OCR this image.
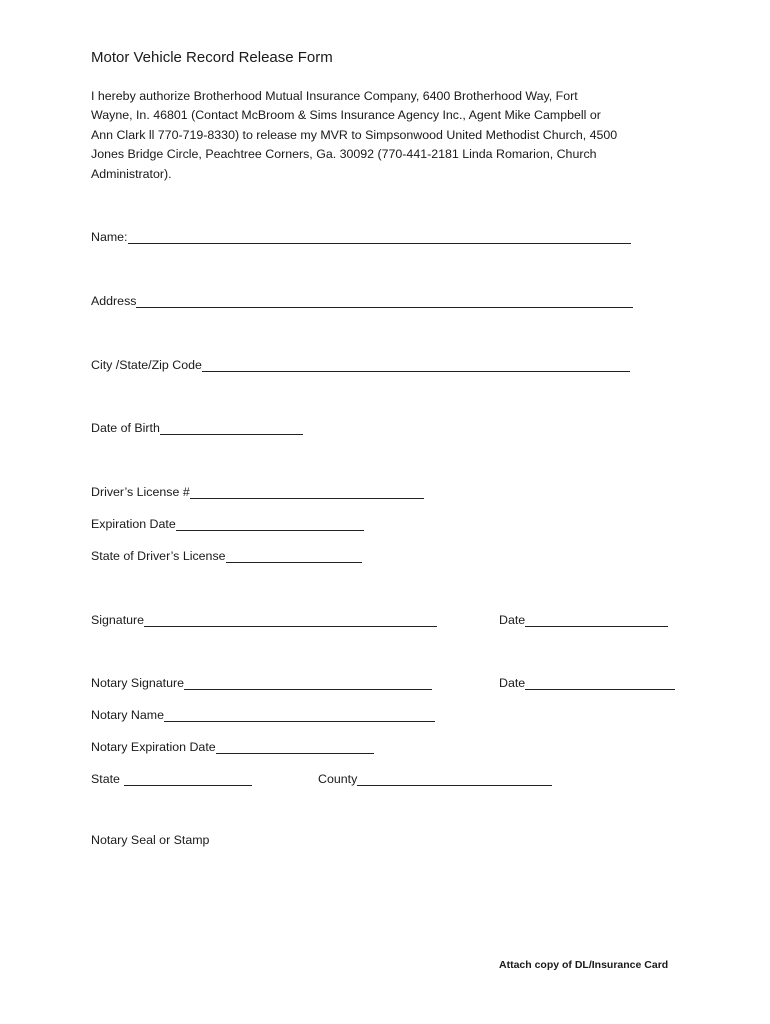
Motor Vehicle Record Release Form
I hereby authorize Brotherhood Mutual Insurance Company, 6400 Brotherhood Way, Fort
Wayne, In. 46801 (Contact McBroom & Sims Insurance Agency Inc., Agent Mike Campbell or
Ann Clark ll 770-719-8330) to release my MVR to Simpsonwood United Methodist Church, 4500
Jones Bridge Circle, Peachtree Corners, Ga. 30092 (770-441-2181 Linda Romarion, Church
Administrator).
Name:
Address
City /State/Zip Code
Date of Birth
Driver’s License #
Expiration Date
State of Driver’s License
Signature	Date
Notary Signature	Date
Notary Name
Notary Expiration Date
State	County
Notary Seal or Stamp
Attach copy of DL/Insurance Card
